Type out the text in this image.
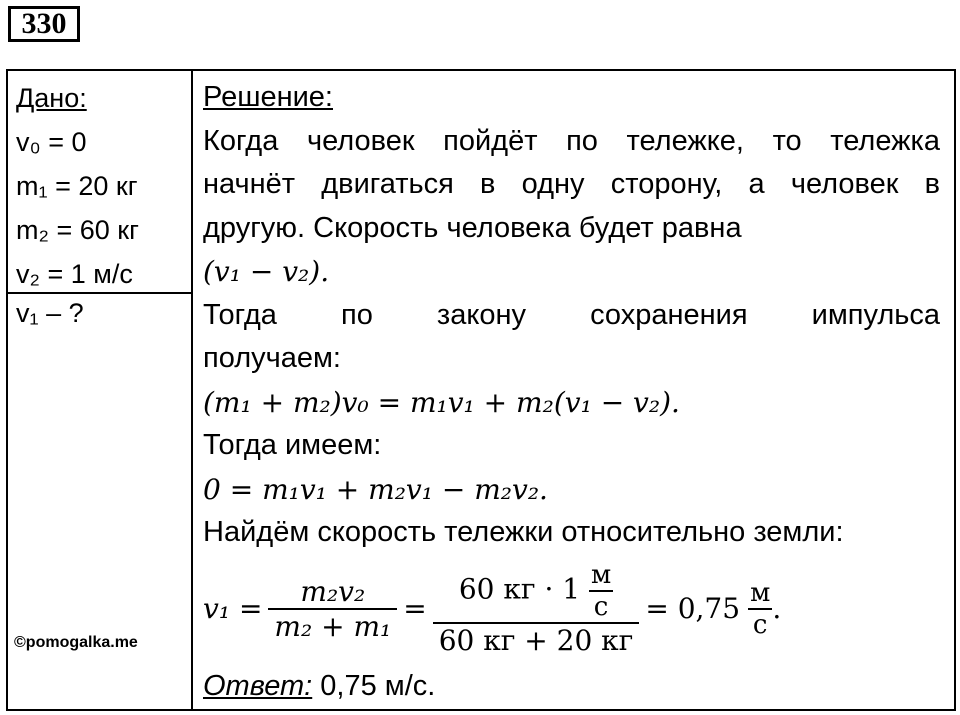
330
Дано:
v₀ = 0
m₁ = 20 кг
m₂ = 60 кг
v₂ = 1 м/с
v₁ – ?
©pomogalka.me
Решение:
Когда человек пойдёт по тележке, то тележка
начнёт двигаться в одну сторону, а человек в
другую. Скорость человека будет равна
(v₁ − v₂).
Тогда по закону сохранения импульса
получаем:
(m₁ + m₂)v₀ = m₁v₁ + m₂(v₁ − v₂).
Тогда имеем:
0 = m₁v₁ + m₂v₁ − m₂v₂.
Найдём скорость тележки относительно земли:
$v_1 = \frac{\text{m₂v₂}}{\text{m₂ + m₁}} = 60$ кг · 1 м
с
60 кг + 20 кг = 0,75 м
с .
Ответ: 0,75 м/с.
